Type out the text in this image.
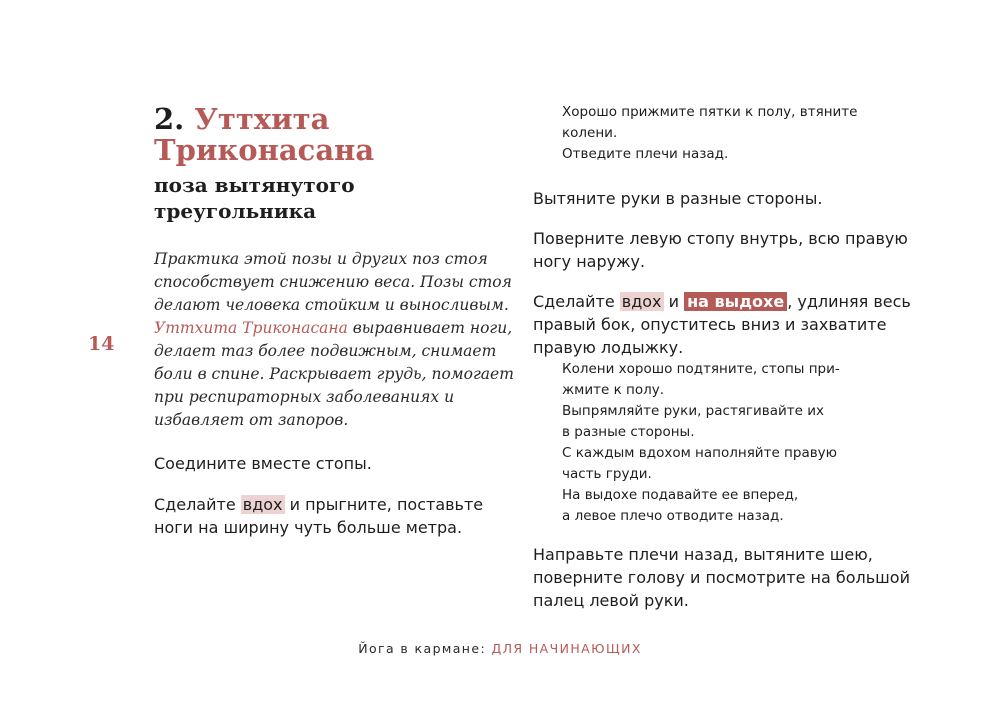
14
2. Уттхита
Триконасана
поза вытянутого
треугольника

Практика этой позы и других поз стоя способствует снижению веса. Позы стоя делают человека стойким и выносливым. Уттхита Триконасана выравнивает ноги, делает таз более подвижным, снимает боли в спине. Раскрывает грудь, помогает при респираторных заболеваниях и избавляет от запоров.

Соедините вместе стопы.

Сделайте вдох и прыгните, поставьте ноги на ширину чуть больше метра.

Хорошо прижмите пятки к полу, втяните

колени.

Отведите плечи назад.

Вытяните руки в разные стороны.

Поверните левую стопу внутрь, всю правую ногу наружу.

Сделайте вдох и на выдохе , удлиняя весь правый бок, опуститесь вниз и захватите правую лодыжку.

Колени хорошо подтяните, стопы при-

жмите к полу.

Выпрямляйте руки, растягивайте их

в разные стороны.

С каждым вдохом наполняйте правую

часть груди.

На выдохе подавайте ее вперед,

а левое плечо отводите назад.

Направьте плечи назад, вытяните шею, поверните голову и посмотрите на большой палец левой руки.

Йога в кармане: ДЛЯ НАЧИНАЮЩИХ
